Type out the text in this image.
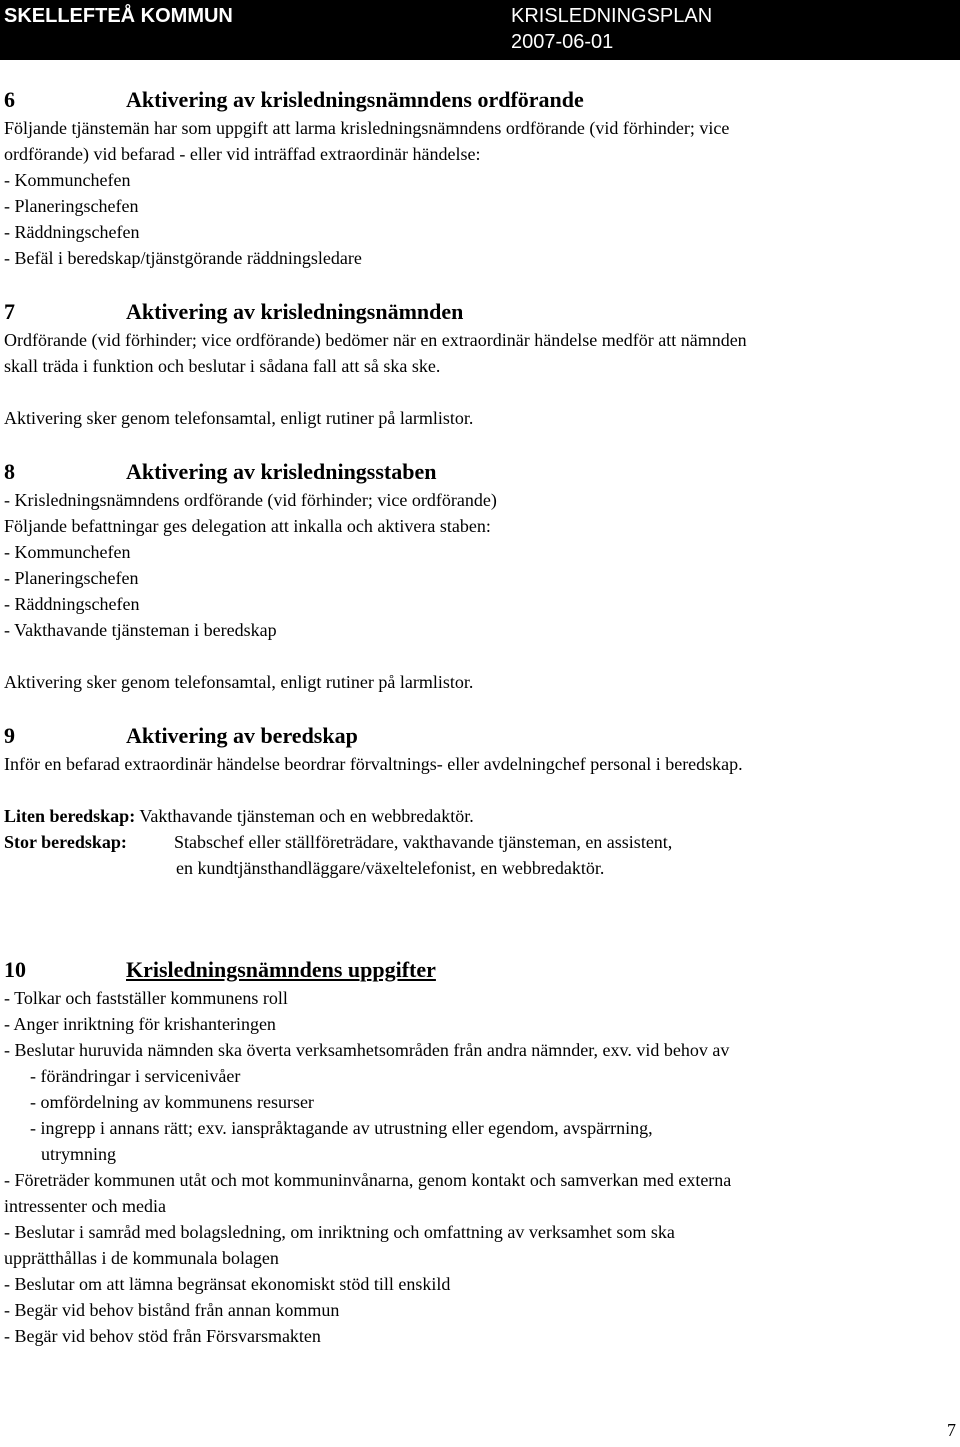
SKELLEFTEÅ KOMMUN	KRISLEDNINGSPLAN
2007-06-01
6	Aktivering av krisledningsnämndens ordförande
Följande tjänstemän har som uppgift att larma krisledningsnämndens ordförande (vid förhinder; vice
ordförande) vid befarad - eller vid inträffad extraordinär händelse:
- Kommunchefen
- Planeringschefen
- Räddningschefen
- Befäl i beredskap/tjänstgörande räddningsledare
7	Aktivering av krisledningsnämnden
Ordförande (vid förhinder; vice ordförande) bedömer när en extraordinär händelse medför att nämnden
skall träda i funktion och beslutar i sådana fall att så ska ske.
Aktivering sker genom telefonsamtal, enligt rutiner på larmlistor.
8	Aktivering av krisledningsstaben
- Krisledningsnämndens ordförande (vid förhinder; vice ordförande)
Följande befattningar ges delegation att inkalla och aktivera staben:
- Kommunchefen
- Planeringschefen
- Räddningschefen
- Vakthavande tjänsteman i beredskap
Aktivering sker genom telefonsamtal, enligt rutiner på larmlistor.
9	Aktivering av beredskap
Inför en befarad extraordinär händelse beordrar förvaltnings- eller avdelningchef personal i beredskap.
Liten beredskap: Vakthavande tjänsteman och en webbredaktör.
Stor beredskap:	Stabschef eller ställföreträdare, vakthavande tjänsteman, en assistent,
en kundtjänsthandläggare/växeltelefonist, en webbredaktör.
10	Krisledningsnämndens uppgifter
- Tolkar och fastställer kommunens roll
- Anger inriktning för krishanteringen
- Beslutar huruvida nämnden ska överta verksamhetsområden från andra nämnder, exv. vid behov av
- förändringar i servicenivåer
- omfördelning av kommunens resurser
- ingrepp i annans rätt; exv. ianspråktagande av utrustning eller egendom, avspärrning,
utrymning
- Företräder kommunen utåt och mot kommuninvånarna, genom kontakt och samverkan med externa
intressenter och media
- Beslutar i samråd med bolagsledning, om inriktning och omfattning av verksamhet som ska
upprätthållas i de kommunala bolagen
- Beslutar om att lämna begränsat ekonomiskt stöd till enskild
- Begär vid behov bistånd från annan kommun
- Begär vid behov stöd från Försvarsmakten
7
